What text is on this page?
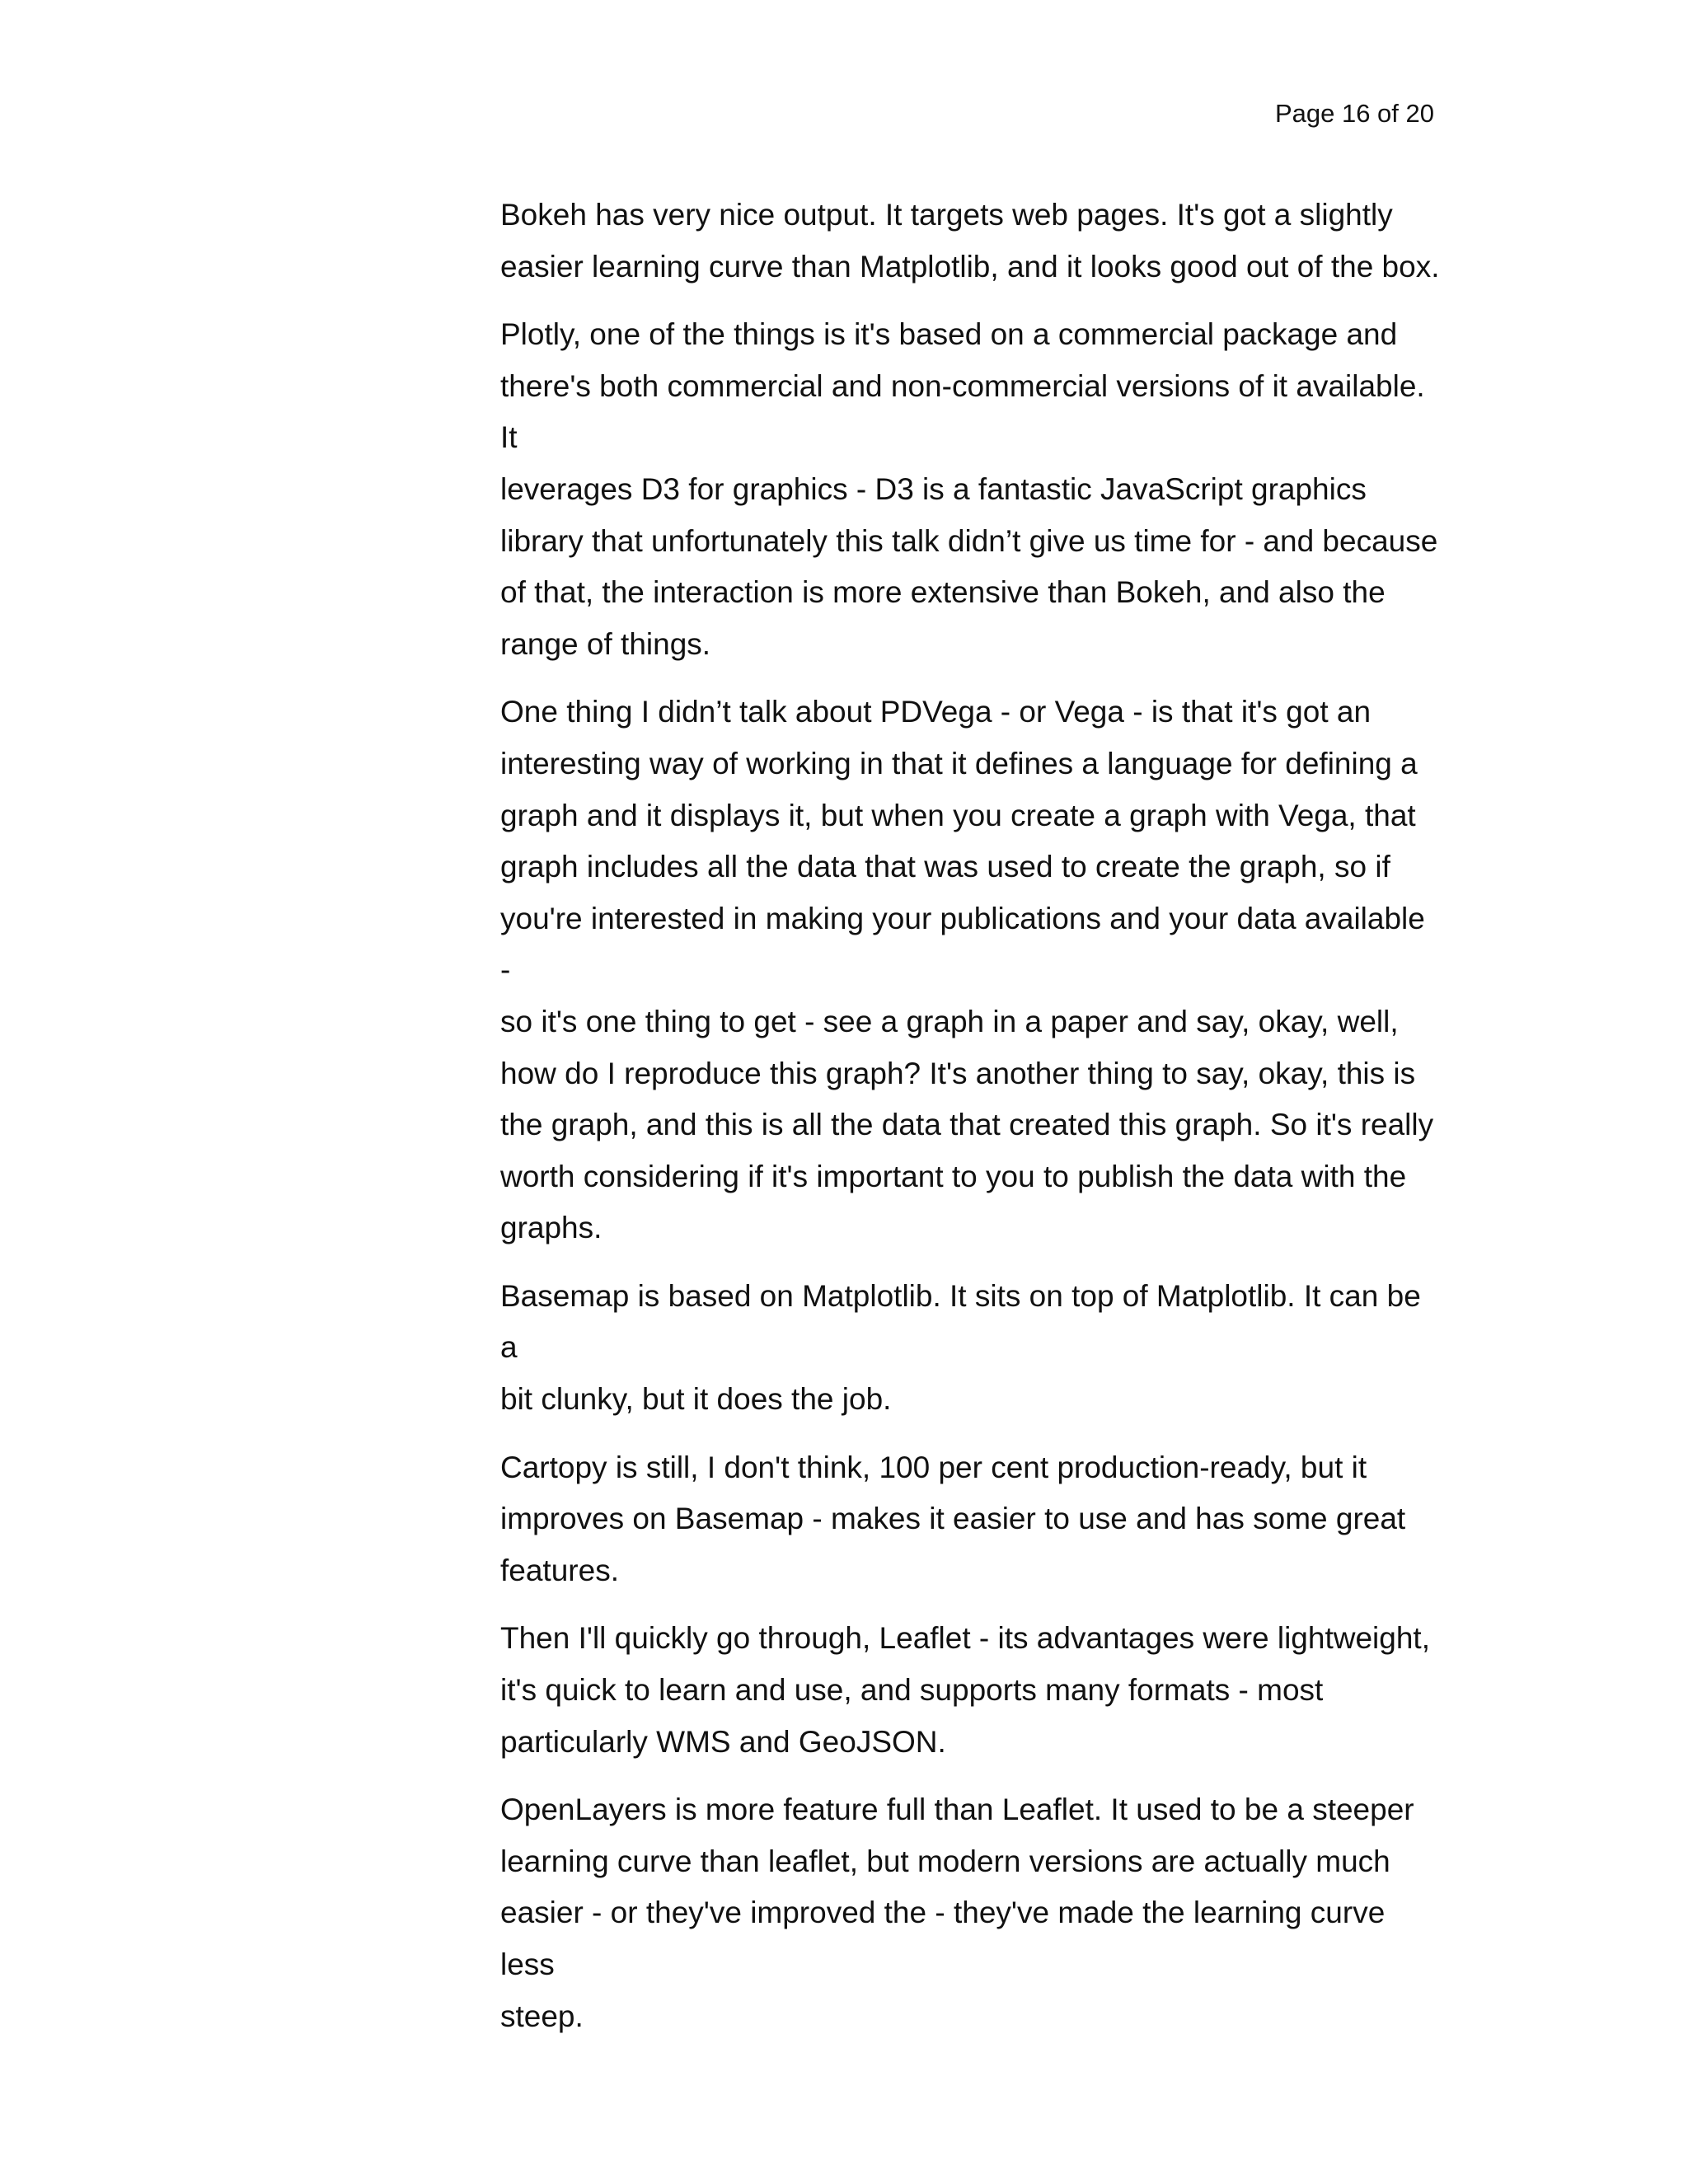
Page 16 of 20

Bokeh has very nice output. It targets web pages. It's got a slightly
easier learning curve than Matplotlib, and it looks good out of the box.

Plotly, one of the things is it's based on a commercial package and
there's both commercial and non-commercial versions of it available. It
leverages D3 for graphics - D3 is a fantastic JavaScript graphics
library that unfortunately this talk didn’t give us time for - and because
of that, the interaction is more extensive than Bokeh, and also the
range of things.

One thing I didn’t talk about PDVega - or Vega - is that it's got an
interesting way of working in that it defines a language for defining a
graph and it displays it, but when you create a graph with Vega, that
graph includes all the data that was used to create the graph, so if
you're interested in making your publications and your data available -
so it's one thing to get - see a graph in a paper and say, okay, well,
how do I reproduce this graph? It's another thing to say, okay, this is
the graph, and this is all the data that created this graph. So it's really
worth considering if it's important to you to publish the data with the
graphs.

Basemap is based on Matplotlib. It sits on top of Matplotlib. It can be a
bit clunky, but it does the job.

Cartopy is still, I don't think, 100 per cent production-ready, but it
improves on Basemap - makes it easier to use and has some great
features.

Then I'll quickly go through, Leaflet - its advantages were lightweight,
it's quick to learn and use, and supports many formats - most
particularly WMS and GeoJSON.

OpenLayers is more feature full than Leaflet. It used to be a steeper
learning curve than leaflet, but modern versions are actually much
easier - or they've improved the - they've made the learning curve less
steep.
